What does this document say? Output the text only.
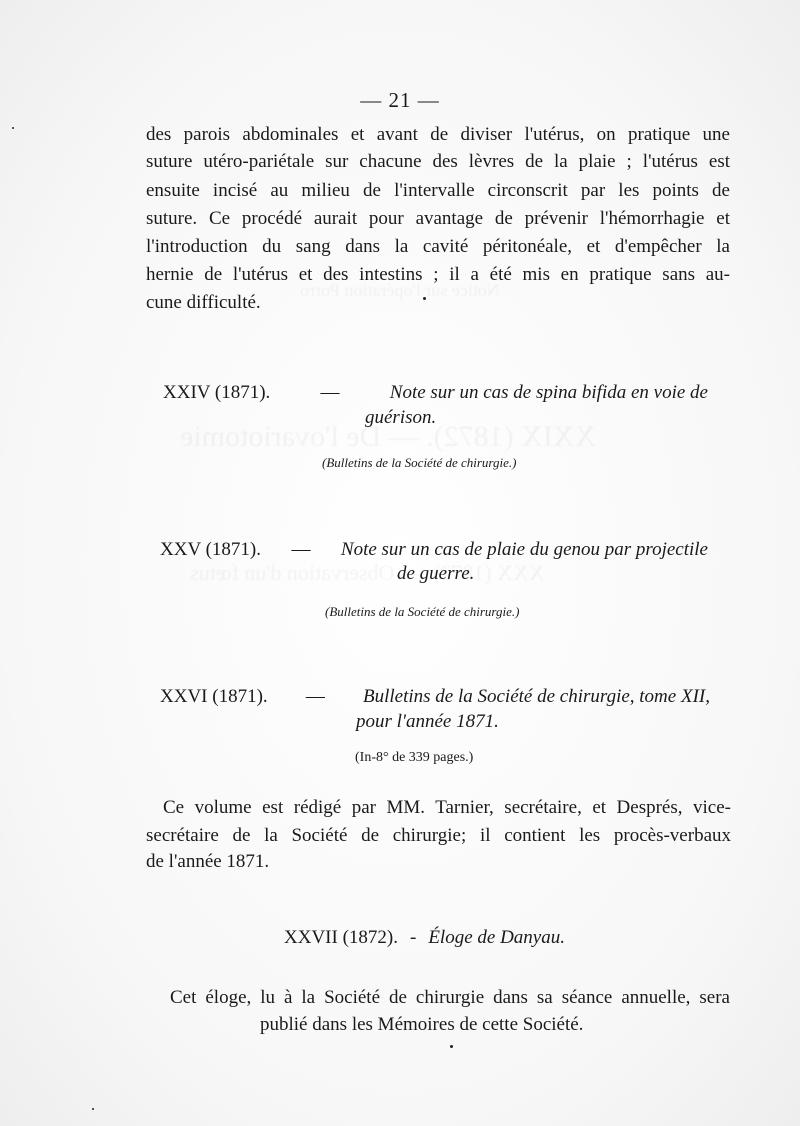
— 21 —
des parois abdominales et avant de diviser l'utérus, on pratique une
suture utéro-pariétale sur chacune des lèvres de la plaie ; l'utérus est
ensuite incisé au milieu de l'intervalle circonscrit par les points de
suture. Ce procédé aurait pour avantage de prévenir l'hémorrhagie et
l'introduction du sang dans la cavité péritonéale, et d'empêcher la
hernie de l'utérus et des intestins ; il a été mis en pratique sans au-
cune difficulté.
XXIV (1871).	—	Note sur un cas de spina bifida en voie de
guérison.
(Bulletins de la Société de chirurgie.)
XXV (1871). — Note sur un cas de plaie du genou par projectile
de guerre.
(Bulletins de la Société de chirurgie.)
XXVI (1871). — Bulletins de la Société de chirurgie, tome XII,
pour l'année 1871.
(In-8° de 339 pages.)
Ce volume est rédigé par MM. Tarnier, secrétaire, et Després, vice-
secrétaire de la Société de chirurgie; il contient les procès-verbaux
de l'année 1871.
XXVII (1872). - Éloge de Danyau.
Cet éloge, lu à la Société de chirurgie dans sa séance annuelle, sera
publié dans les Mémoires de cette Société.
